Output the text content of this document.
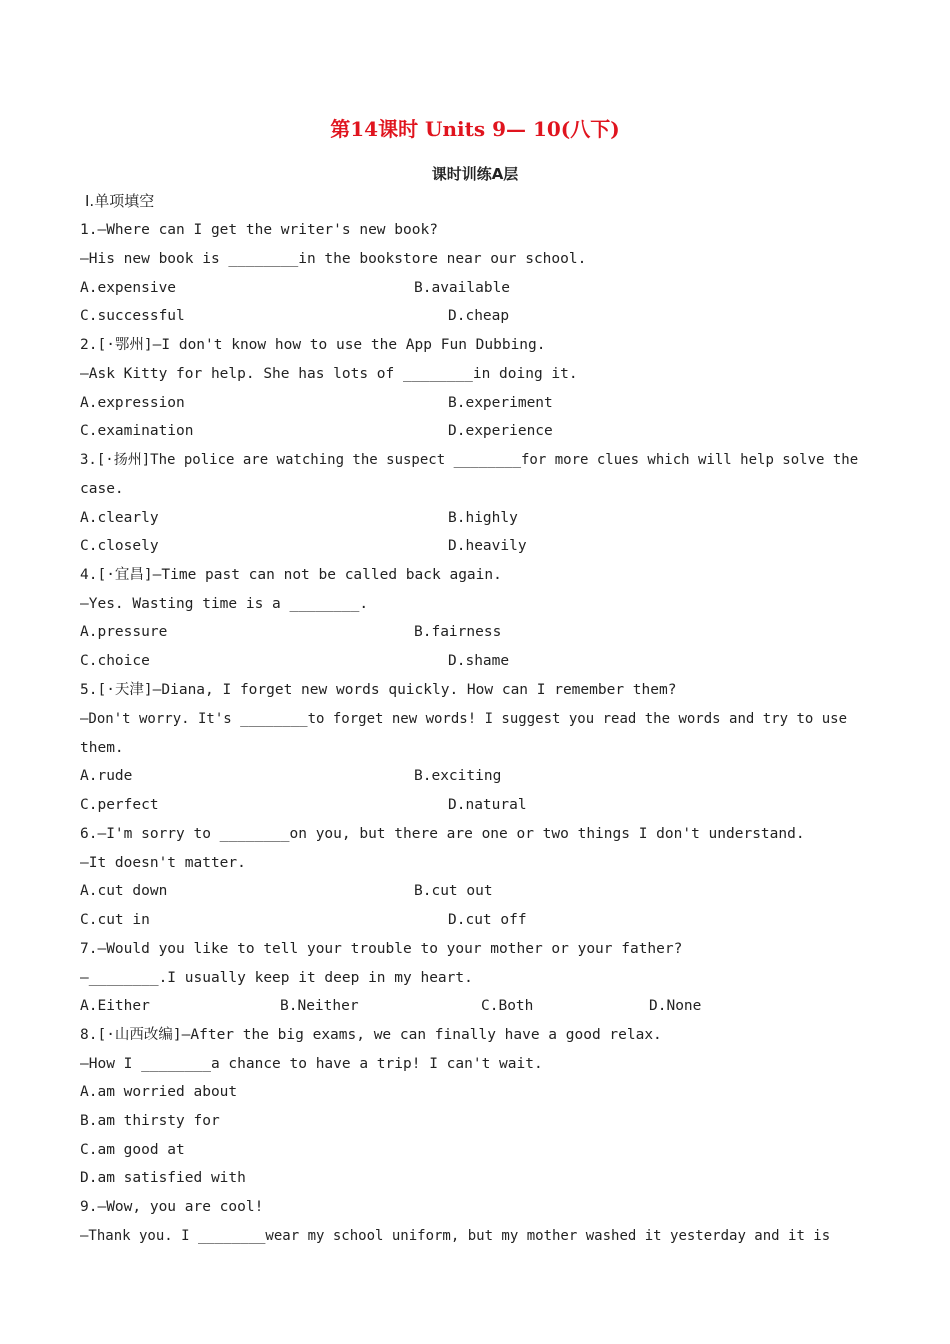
第14课时 Units 9— 10(八下)
课时训练A层
Ⅰ.单项填空
1.—Where can I get the writer's new book?
—His new book is ________in the bookstore near our school.
A.expensive	B.available
C.successful	D.cheap
2.[·鄂州]—I don't know how to use the App Fun Dubbing.
—Ask Kitty for help. She has lots of ________in doing it.
A.expression	B.experiment
C.examination	D.experience
3.[·扬州]The police are watching the suspect ________for more clues which will help solve the
case.
A.clearly	B.highly
C.closely	D.heavily
4.[·宜昌]—Time past can not be called back again.
—Yes. Wasting time is a ________.
A.pressure	B.fairness
C.choice	D.shame
5.[·天津]—Diana, I forget new words quickly. How can I remember them?
—Don't worry. It's ________to forget new words! I suggest you read the words and try to use
them.
A.rude	B.exciting
C.perfect	D.natural
6.—I'm sorry to ________on you, but there are one or two things I don't understand.
—It doesn't matter.
A.cut down	B.cut out
C.cut in	D.cut off
7.—Would you like to tell your trouble to your mother or your father?
—________.I usually keep it deep in my heart.
A.Either	B.Neither	C.Both	D.None
8.[·山西改编]—After the big exams, we can finally have a good relax.
—How I ________a chance to have a trip! I can't wait.
A.am worried about
B.am thirsty for
C.am good at
D.am satisfied with
9.—Wow, you are cool!
—Thank you. I ________wear my school uniform, but my mother washed it yesterday and it is
